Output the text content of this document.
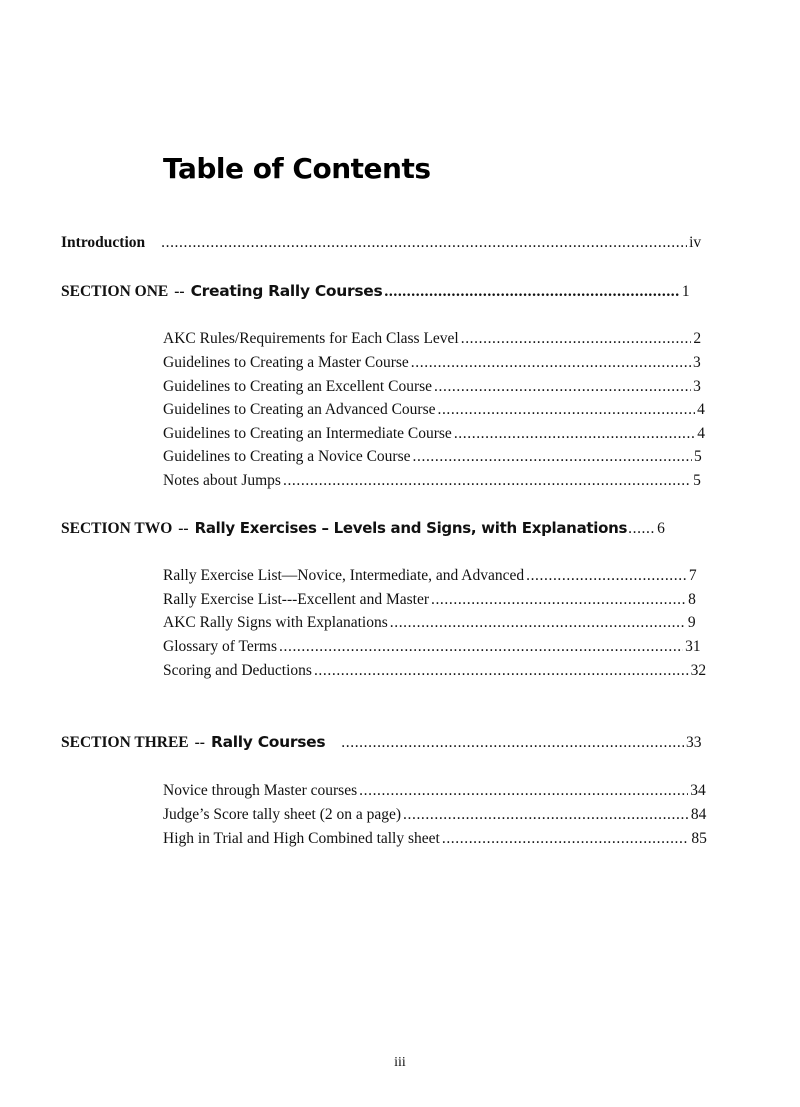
Table of Contents
Introduction .....	iv
SECTION ONE -- Creating Rally Courses .....	1
AKC Rules/Requirements for Each Class Level .....	2
Guidelines to Creating a Master Course .....	3
Guidelines to Creating an Excellent Course .....	3
Guidelines to Creating an Advanced Course .....	4
Guidelines to Creating an Intermediate Course .....	4
Guidelines to Creating a Novice Course .....	5
Notes about Jumps .....	5
SECTION TWO -- Rally Exercises – Levels and Signs, with Explanations ..... 6
Rally Exercise List—Novice, Intermediate, and Advanced .....	7
Rally Exercise List---Excellent and Master .....	8
AKC Rally Signs with Explanations .....	9
Glossary of Terms .....	31
Scoring and Deductions .....	32
SECTION THREE -- Rally Courses .....	33
Novice through Master courses .....	34
Judge’s Score tally sheet (2 on a page) .....	84
High in Trial and High Combined tally sheet .....	85
iii
